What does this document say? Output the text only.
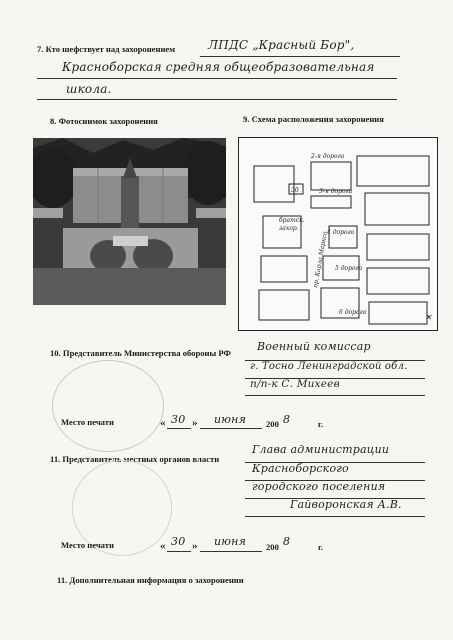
7. Кто шефствует над захоронением	ЛПДС „Красный Бор",
Красноборская средняя общеобразовательная
школа.
8. Фотоснимок захоронения	9. Схема расположения захоронения
30
братск.
захор.
2-я дорога
3-я дорога
4 дорога
5 дорога
6 дорога
пр. Карла Маркса
✕
10. Представитель Министерства обороны РФ Военный комиссар
г. Тосно Ленинградской обл.
п/п-к С. Михеев

Место печати	« 30 » июня 200 8	г.
11. Представитель местных органов власти
Глава администрации
Красноборского
городского поселения
Гайворонская А.В.
Место печати	« 30 » июня 200 8	г.
11. Дополнительная информация о захоронении
